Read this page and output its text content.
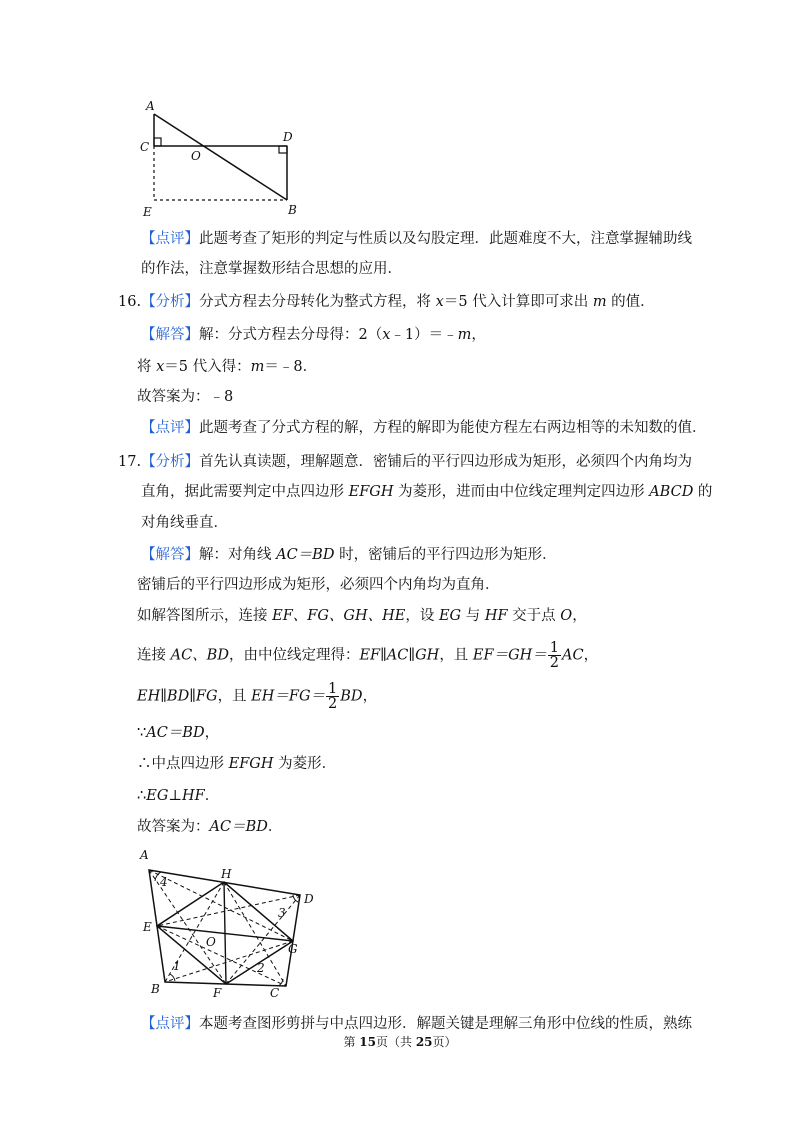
A
C
O
D
E	B
【点评】此题考查了矩形的判定与性质以及勾股定理．此题难度不大，注意掌握辅助线
的作法，注意掌握数形结合思想的应用．
16.【分析】分式方程去分母转化为整式方程，将 x＝5 代入计算即可求出 m 的值．
【解答】解：分式方程去分母得：2（x﹣1）＝﹣m，
将 x＝5 代入得：m＝﹣8．
故答案为：﹣8
【点评】此题考查了分式方程的解，方程的解即为能使方程左右两边相等的未知数的值．
17.【分析】首先认真读题，理解题意．密铺后的平行四边形成为矩形，必须四个内角均为
直角，据此需要判定中点四边形 EFGH 为菱形，进而由中位线定理判定四边形 ABCD 的
对角线垂直．
【解答】解：对角线 AC＝BD 时，密铺后的平行四边形为矩形．
密铺后的平行四边形成为矩形，必须四个内角均为直角．
如解答图所示，连接 EF、FG、GH、HE，设 EG 与 HF 交于点 O，
连接 AC、BD，由中位线定理得：EF∥AC∥GH，且 $EF=GH= \frac{1}{2}$ AC，
EH∥BD∥FG，且 $EH=FG= \frac{1}{2}$ BD，
∵AC＝BD，
∴中点四边形 EFGH 为菱形．
∴EG⊥HF．
故答案为：AC＝BD．
A
H
D
E
O	G
B	F	C
1	2
3
4
【点评】本题考查图形剪拼与中点四边形．解题关键是理解三角形中位线的性质，熟练
第 15页（共 25页）
